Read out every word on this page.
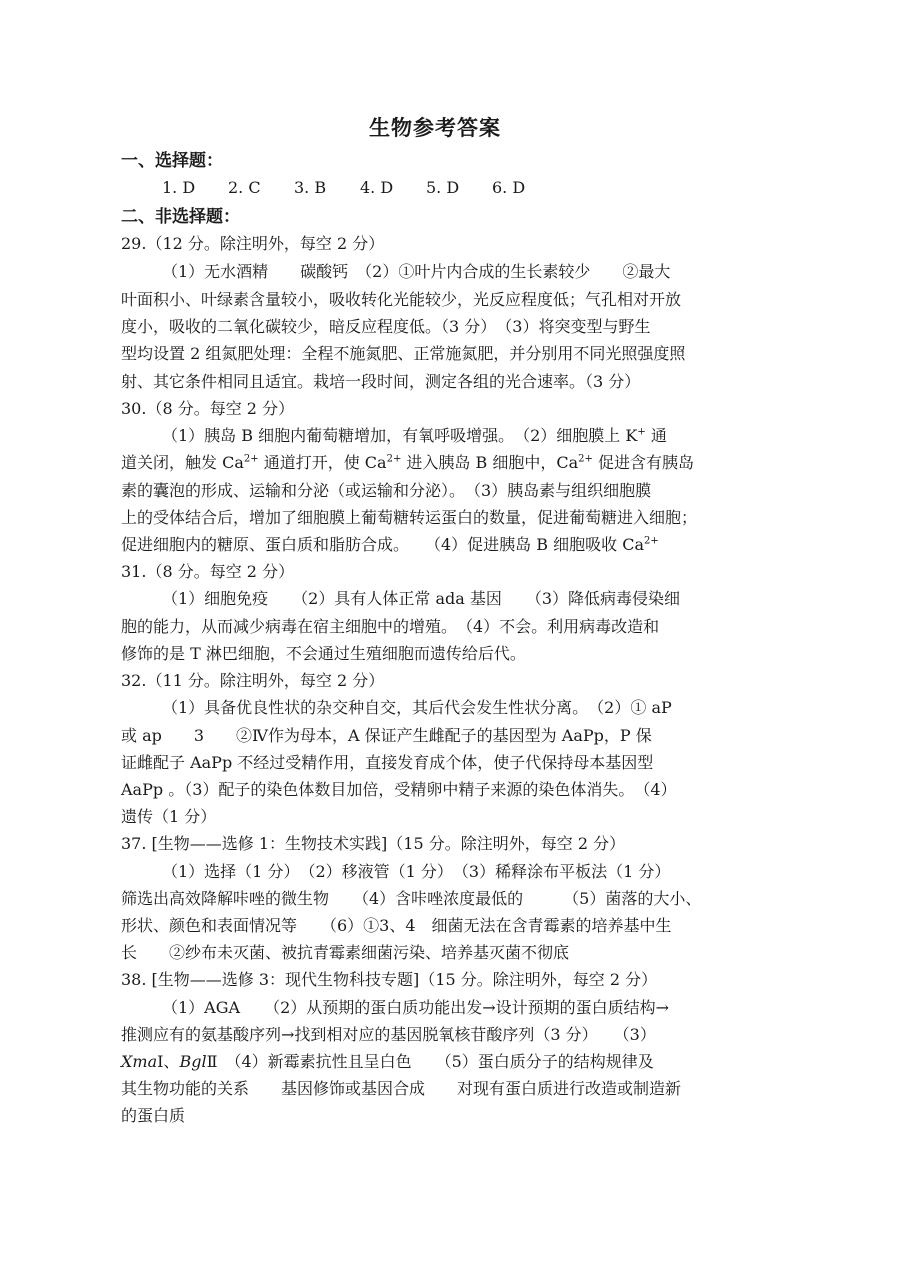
生物参考答案
一、选择题：
1. D 2. C 3. B 4. D 5. D 6. D
二、非选择题：
29.（12 分。除注明外，每空 2 分）
（1）无水酒精　　碳酸钙　（2）①叶片内合成的生长素较少　　②最大
叶面积小、叶绿素含量较小，吸收转化光能较少，光反应程度低；气孔相对开放
度小，吸收的二氧化碳较少，暗反应程度低。（3 分）　（3）将突变型与野生
型均设置 2 组氮肥处理：全程不施氮肥、正常施氮肥，并分别用不同光照强度照
射、其它条件相同且适宜。栽培一段时间，测定各组的光合速率。（3 分）
30.（8 分。每空 2 分）
（1）胰岛 B 细胞内葡萄糖增加，有氧呼吸增强。　（2）细胞膜上 K+ 通
道关闭，触发 $Ca^{2+}$ 通道打开，使 $Ca^{2+}$ 进入胰岛 B 细胞中，$Ca^{2+}$ 促进含有胰岛
素的囊泡的形成、运输和分泌（或运输和分泌）。　（3）胰岛素与组织细胞膜
上的受体结合后，增加了细胞膜上葡萄糖转运蛋白的数量，促进葡萄糖进入细胞；
促进细胞内的糖原、蛋白质和脂肪合成。　　（4）促进胰岛 B 细胞吸收 $Ca^{2+}$
31.（8 分。每空 2 分）
（1）细胞免疫　　（2）具有人体正常 ada 基因　　（3）降低病毒侵染细
胞的能力，从而减少病毒在宿主细胞中的增殖。　（4）不会。利用病毒改造和
修饰的是 T 淋巴细胞，不会通过生殖细胞而遗传给后代。
32.（11 分。除注明外，每空 2 分）
（1）具备优良性状的杂交种自交，其后代会发生性状分离。　（2）① aP
或 ap　　3　　②Ⅳ作为母本，A 保证产生雌配子的基因型为 AaPp，P 保
证雌配子 AaPp 不经过受精作用，直接发育成个体，使子代保持母本基因型
AaPp 。（3）配子的染色体数目加倍，受精卵中精子来源的染色体消失。　（4）
遗传（1 分）
37. [生物——选修 1：生物技术实践]（15 分。除注明外，每空 2 分）
（1）选择（1 分）　（2）移液管（1 分）　（3）稀释涂布平板法（1 分）
筛选出高效降解咔唑的微生物　　（4）含咔唑浓度最低的　　　（5）菌落的大小、
形状、颜色和表面情况等　　（6）①3、4　细菌无法在含青霉素的培养基中生
长　　②纱布未灭菌、被抗青霉素细菌污染、培养基灭菌不彻底
38. [生物——选修 3：现代生物科技专题]（15 分。除注明外，每空 2 分）
（1）AGA　　（2）从预期的蛋白质功能出发→设计预期的蛋白质结构→
推测应有的氨基酸序列→找到相对应的基因脱氧核苷酸序列（3 分）　　（3）
XmaⅠ、BglⅡ　（4）新霉素抗性且呈白色　　（5）蛋白质分子的结构规律及
其生物功能的关系　　基因修饰或基因合成　　对现有蛋白质进行改造或制造新
的蛋白质
